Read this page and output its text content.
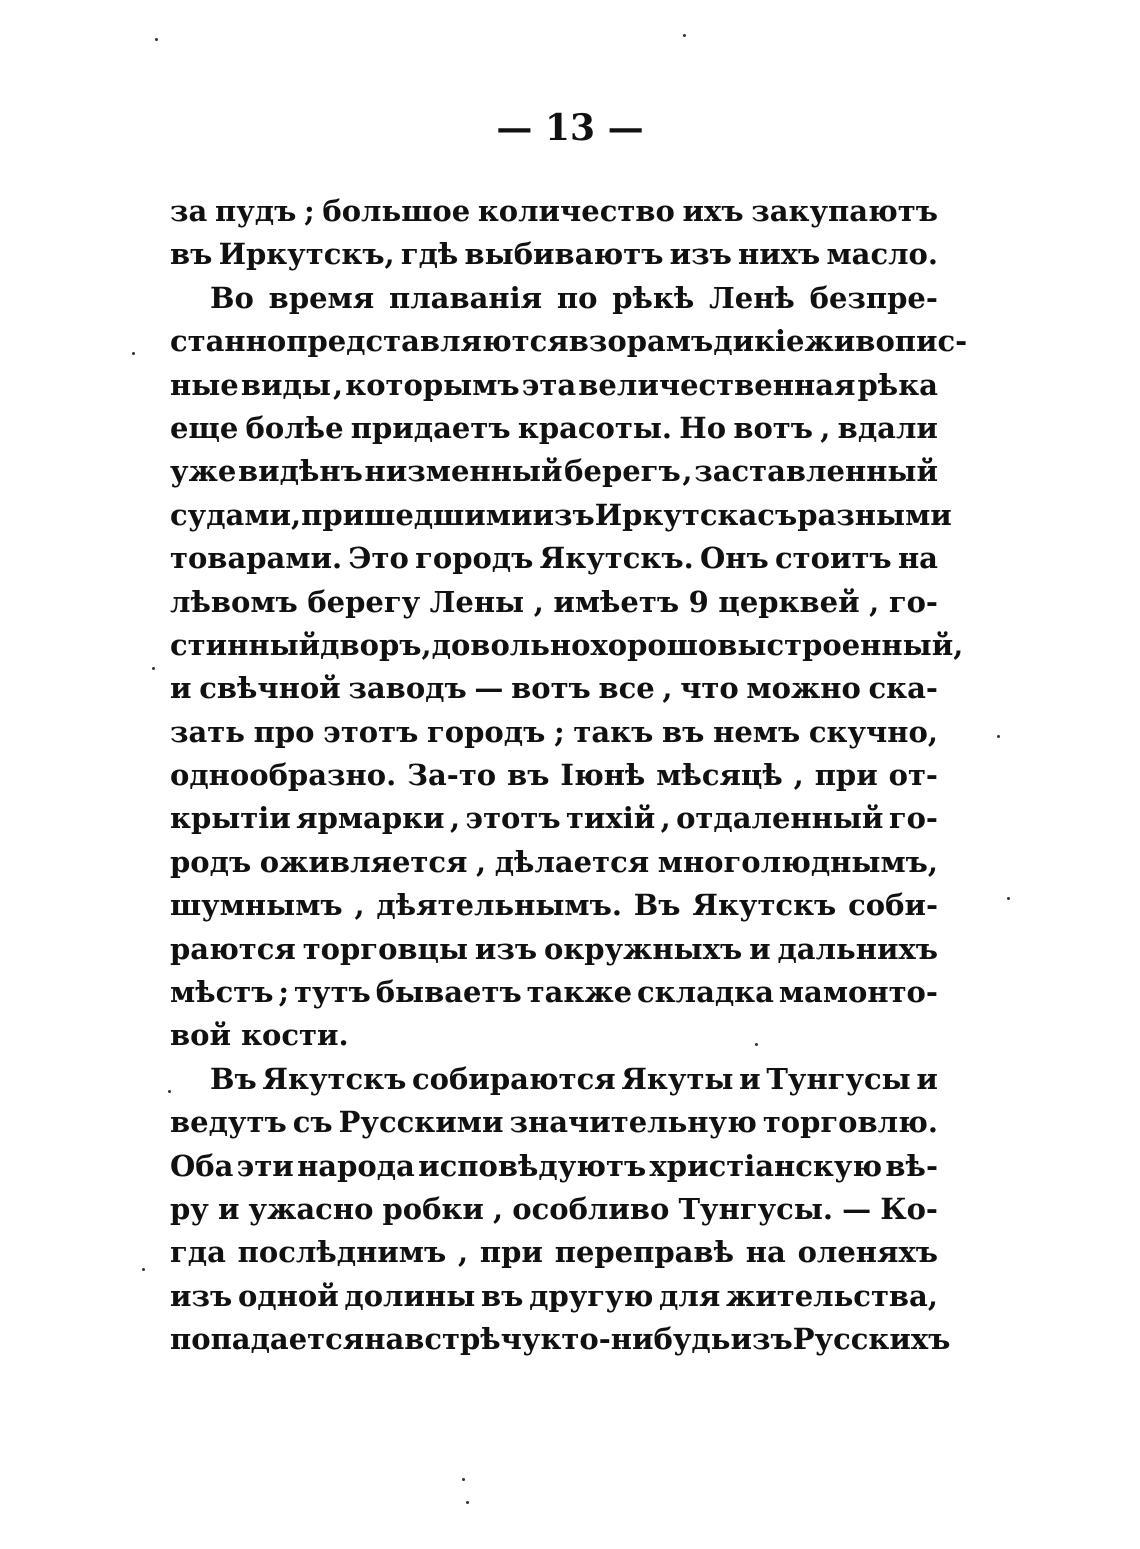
— 13 —
за пудъ ; большое количество ихъ закупаютъ
въ Иркутскъ, гдѣ выбиваютъ изъ нихъ масло.
Во время плаванія по рѣкѣ Ленѣ безпре-
станно представляются взорамъ дикіе живопис-
ные виды , которымъ эта величественная рѣка
еще болѣе придаетъ красоты. Но вотъ , вдали
уже видѣнъ низменный берегъ , заставленный
судами, пришедшими изъ Иркутска съ разными
товарами. Это городъ Якутскъ. Онъ стоитъ на
лѣвомъ берегу Лены , имѣетъ 9 церквей , го-
стинный дворъ, довольно хорошо выстроенный,
и свѣчной заводъ — вотъ все , что можно ска-
зать про этотъ городъ ; такъ въ немъ скучно,
однообразно. За-то въ Іюнѣ мѣсяцѣ , при от-
крытіи ярмарки , этотъ тихій , отдаленный го-
родъ оживляется , дѣлается многолюднымъ,
шумнымъ , дѣятельнымъ. Въ Якутскъ соби-
раются торговцы изъ окружныхъ и дальнихъ
мѣстъ ; тутъ бываетъ также складка мамонто-
вой кости.
Въ Якутскъ собираются Якуты и Тунгусы и
ведутъ съ Русскими значительную торговлю.
Оба эти народа исповѣдуютъ христіанскую вѣ-
ру и ужасно робки , особливо Тунгусы. — Ко-
гда послѣднимъ , при переправѣ на оленяхъ
изъ одной долины въ другую для жительства,
попадается навстрѣчу кто-нибудь изъ Русскихъ
